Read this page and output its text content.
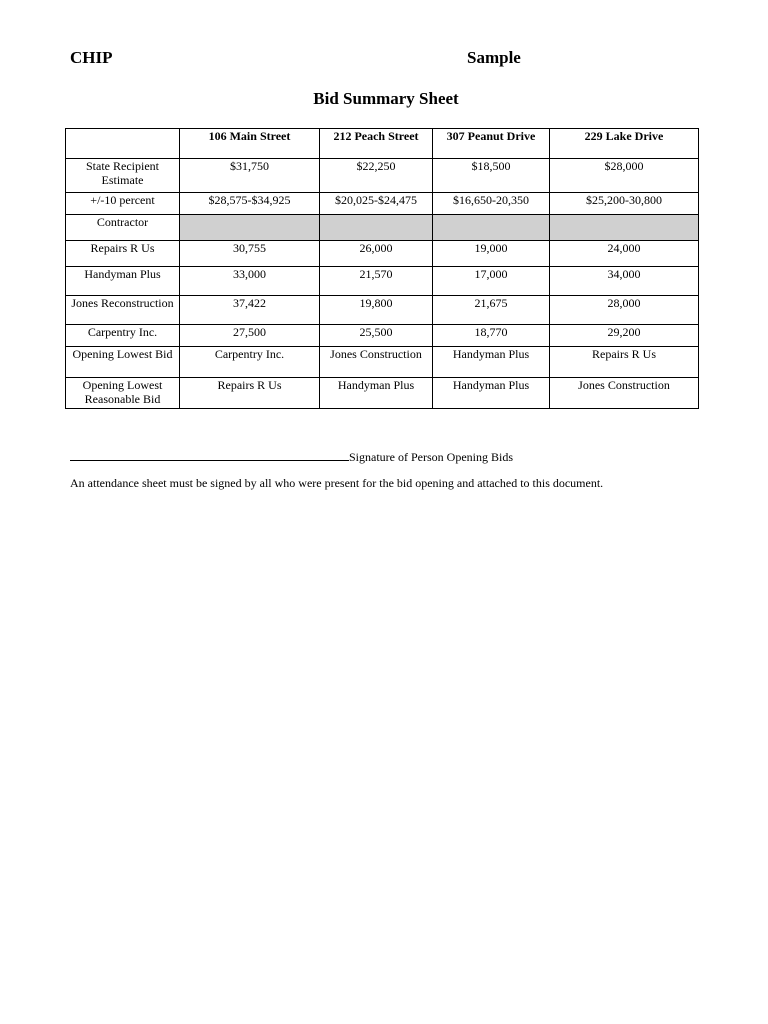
CHIP	Sample
Bid Summary Sheet
	106 Main Street	212 Peach Street	307 Peanut Drive	229 Lake Drive
State Recipient Estimate	$31,750	$22,250	$18,500	$28,000
+/-10 percent	$28,575-$34,925	$20,025-$24,475	$16,650-20,350	$25,200-30,800
Contractor				
Repairs R Us	30,755	26,000	19,000	24,000
Handyman Plus	33,000	21,570	17,000	34,000
Jones Reconstruction	37,422	19,800	21,675	28,000
Carpentry Inc.	27,500	25,500	18,770	29,200
Opening Lowest Bid	Carpentry Inc.	Jones Construction	Handyman Plus	Repairs R Us
Opening Lowest Reasonable Bid	Repairs R Us	Handyman Plus	Handyman Plus	Jones Construction
Signature of Person Opening Bids
An attendance sheet must be signed by all who were present for the bid opening and attached to this document.
